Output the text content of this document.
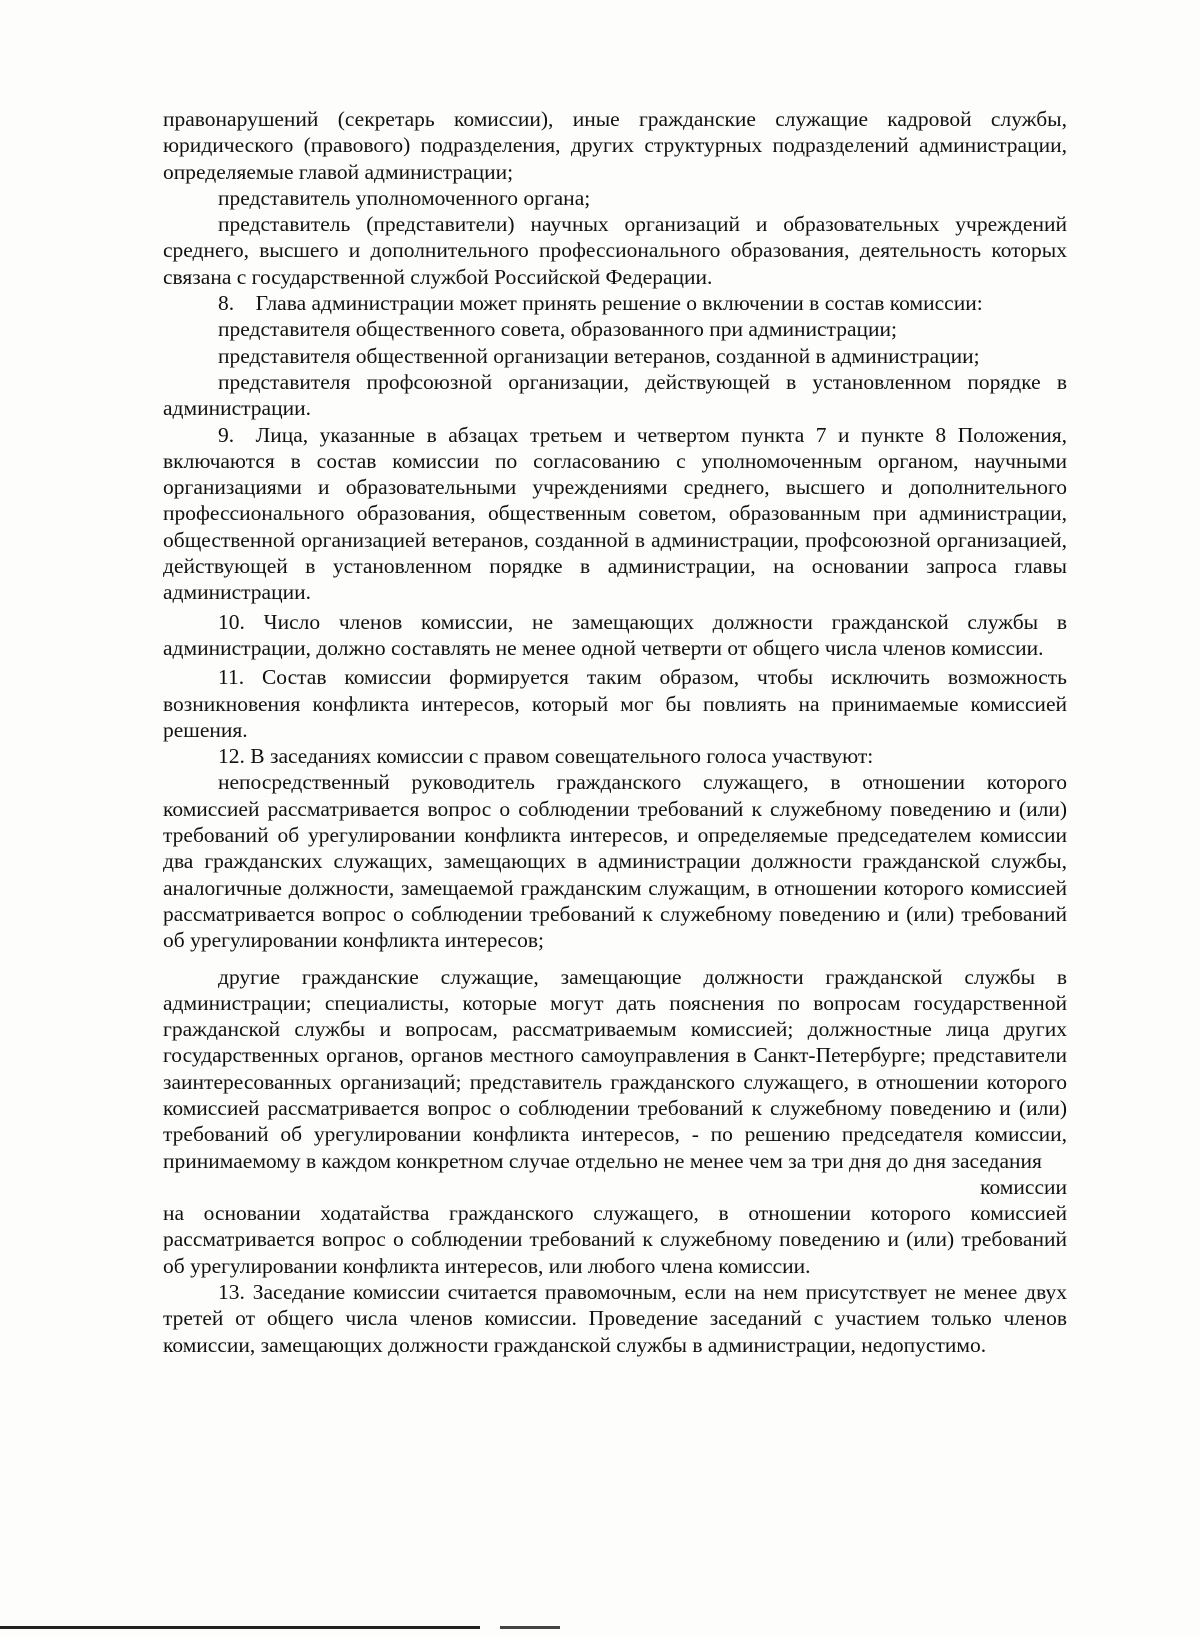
правонарушений (секретарь комиссии), иные гражданские служащие кадровой службы, юридического (правового) подразделения, других структурных подразделений администрации, определяемые главой администрации;

представитель уполномоченного органа;

представитель (представители) научных организаций и образовательных учреждений среднего, высшего и дополнительного профессионального образования, деятельность которых связана с государственной службой Российской Федерации.

8. Глава администрации может принять решение о включении в состав комиссии:

представителя общественного совета, образованного при администрации;

представителя общественной организации ветеранов, созданной в администрации;

представителя профсоюзной организации, действующей в установленном порядке в администрации.

9. Лица, указанные в абзацах третьем и четвертом пункта 7 и пункте 8 Положения, включаются в состав комиссии по согласованию с уполномоченным органом, научными организациями и образовательными учреждениями среднего, высшего и дополнительного профессионального образования, общественным советом, образованным при администрации, общественной организацией ветеранов, созданной в администрации, профсоюзной организацией, действующей в установленном порядке в администрации, на основании запроса главы администрации.

10. Число членов комиссии, не замещающих должности гражданской службы в администрации, должно составлять не менее одной четверти от общего числа членов комиссии.

11. Состав комиссии формируется таким образом, чтобы исключить возможность возникновения конфликта интересов, который мог бы повлиять на принимаемые комиссией решения.

12. В заседаниях комиссии с правом совещательного голоса участвуют:

непосредственный руководитель гражданского служащего, в отношении которого комиссией рассматривается вопрос о соблюдении требований к служебному поведению и (или) требований об урегулировании конфликта интересов, и определяемые председателем комиссии два гражданских служащих, замещающих в администрации должности гражданской службы, аналогичные должности, замещаемой гражданским служащим, в отношении которого комиссией рассматривается вопрос о соблюдении требований к служебному поведению и (или) требований об урегулировании конфликта интересов;

другие гражданские служащие, замещающие должности гражданской службы в администрации; специалисты, которые могут дать пояснения по вопросам государственной гражданской службы и вопросам, рассматриваемым комиссией; должностные лица других государственных органов, органов местного самоуправления в Санкт-Петербурге; представители заинтересованных организаций; представитель гражданского служащего, в отношении которого комиссией рассматривается вопрос о соблюдении требований к служебному поведению и (или) требований об урегулировании конфликта интересов, - по решению председателя комиссии, принимаемому в каждом конкретном случае отдельно не менее чем за три дня до дня заседания

комиссии

на основании ходатайства гражданского служащего, в отношении которого комиссией рассматривается вопрос о соблюдении требований к служебному поведению и (или) требований об урегулировании конфликта интересов, или любого члена комиссии.

13. Заседание комиссии считается правомочным, если на нем присутствует не менее двух третей от общего числа членов комиссии. Проведение заседаний с участием только членов комиссии, замещающих должности гражданской службы в администрации, недопустимо.
